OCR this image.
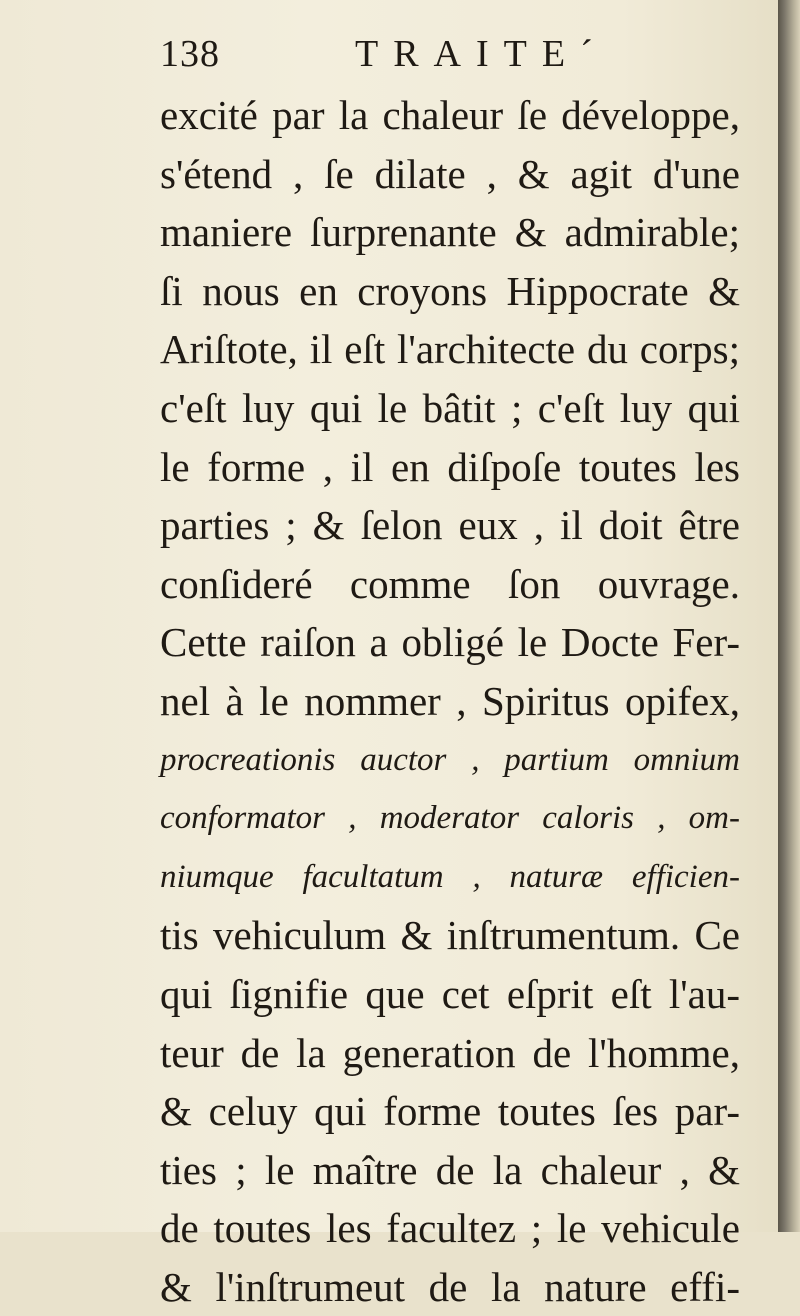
138	TRAITE´
excité par la chaleur ſe développe,
s'étend , ſe dilate , & agit d'une
maniere ſurprenante & admirable;
ſi nous en croyons Hippocrate &
Ariſtote, il eſt l'architecte du corps;
c'eſt luy qui le bâtit ; c'eſt luy qui
le forme , il en diſpoſe toutes les
parties ; & ſelon eux , il doit être
conſideré comme ſon ouvrage.
Cette raiſon a obligé le Docte Fer-
nel à le nommer , Spiritus opifex,
procreationis auctor , partium omnium
conformator , moderator caloris , om-
niumque facultatum , naturæ efficien-
tis vehiculum & inſtrumentum. Ce
qui ſignifie que cet eſprit eſt l'au-
teur de la generation de l'homme,
& celuy qui forme toutes ſes par-
ties ; le maître de la chaleur , &
de toutes les facultez ; le vehicule
& l'inſtrumeut de la nature effi-
